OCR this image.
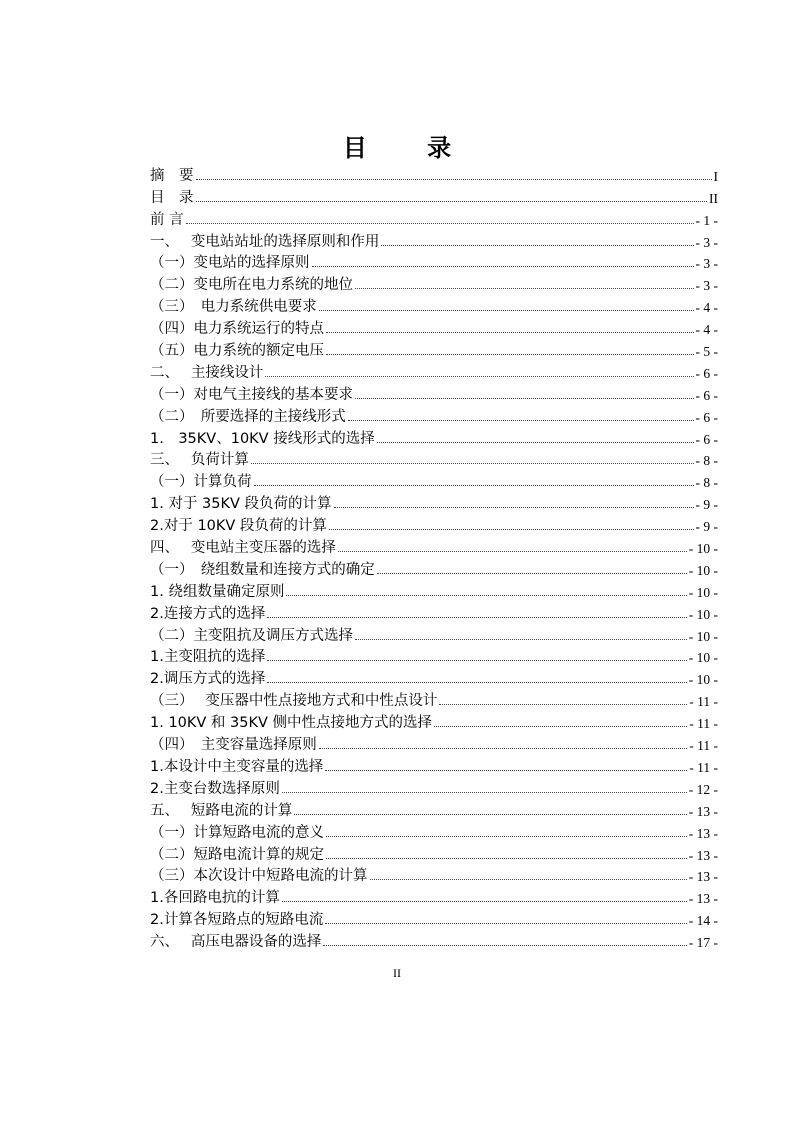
目 录
摘　要	I
目　录	II
前 言	- 1 -
一、　 变电站站址的选择原则和作用	- 3 -
（一）变电站的选择原则	- 3 -
（二）变电所在电力系统的地位	- 3 -
（三）　电力系统供电要求	- 4 -
（四）电力系统运行的特点	- 4 -
（五）电力系统的额定电压	- 5 -
二、　 主接线设计	- 6 -
（一）对电气主接线的基本要求	- 6 -
（二）　所要选择的主接线形式	- 6 -
1.　35KV、10KV 接线形式的选择	- 6 -
三、　 负荷计算	- 8 -
（一）计算负荷	- 8 -
1. 对于 35KV 段负荷的计算	- 9 -
2.对于 10KV 段负荷的计算	- 9 -
四、　 变电站主变压器的选择	- 10 -
（一）　绕组数量和连接方式的确定	- 10 -
1. 绕组数量确定原则	- 10 -
2.连接方式的选择	- 10 -
（二）主变阻抗及调压方式选择	- 10 -
1.主变阻抗的选择	- 10 -
2.调压方式的选择	- 10 -
（三）　 变压器中性点接地方式和中性点设计	- 11 -
1. 10KV 和 35KV 侧中性点接地方式的选择	- 11 -
（四）　主变容量选择原则	- 11 -
1.本设计中主变容量的选择	- 11 -
2.主变台数选择原则	- 12 -
五、　 短路电流的计算	- 13 -
（一）计算短路电流的意义	- 13 -
（二）短路电流计算的规定	- 13 -
（三）本次设计中短路电流的计算	- 13 -
1.各回路电抗的计算	- 13 -
2.计算各短路点的短路电流	- 14 -
六、　 高压电器设备的选择	- 17 -
II
